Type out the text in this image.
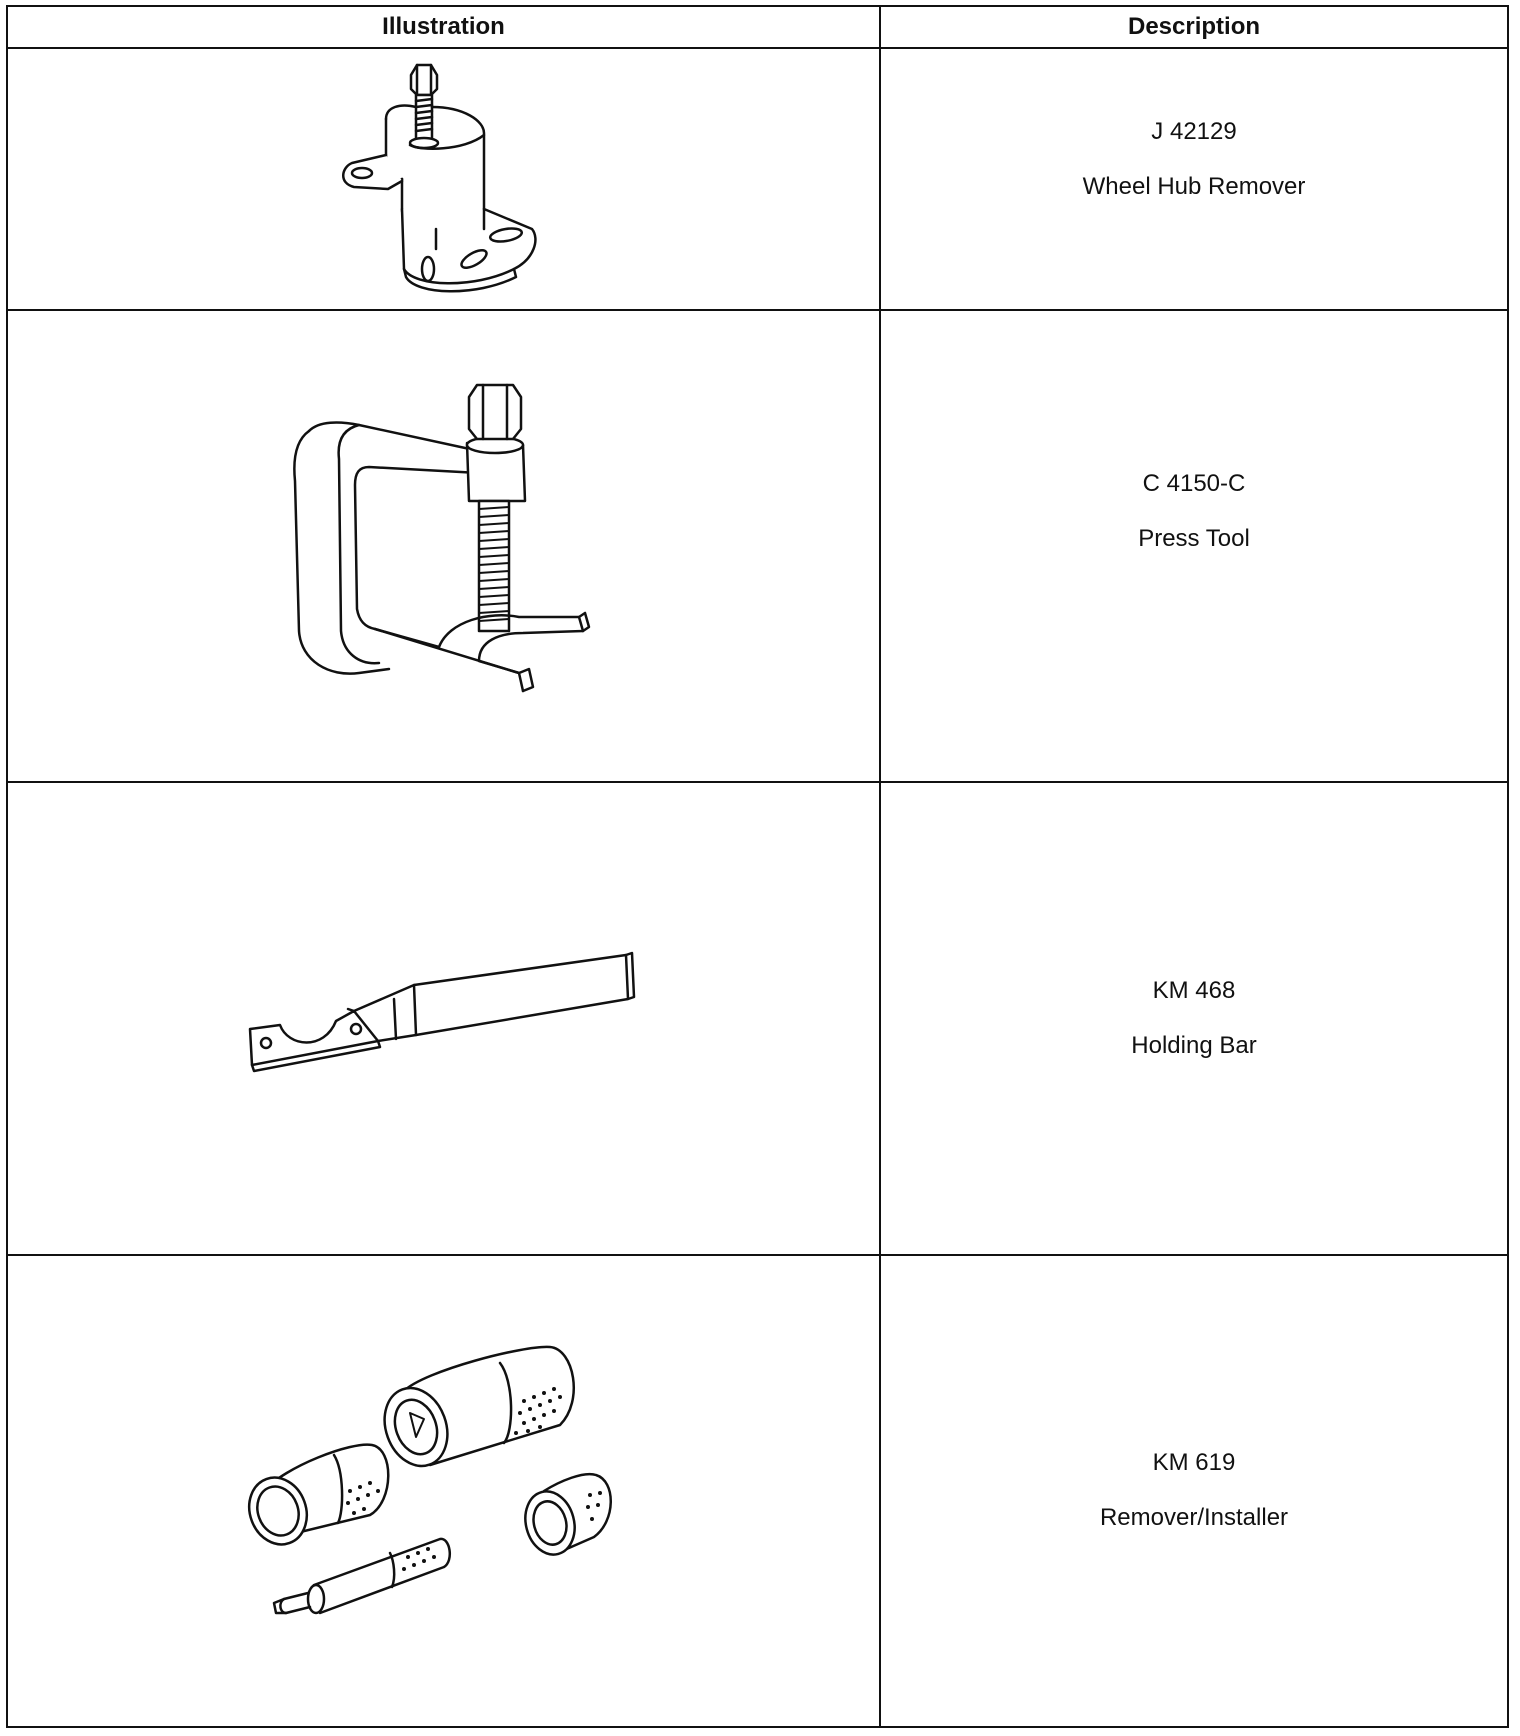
Illustration	Description

J 42129
Wheel Hub Remover

C 4150-C
Press Tool

KM 468
Holding Bar

KM 619
Remover/Installer
